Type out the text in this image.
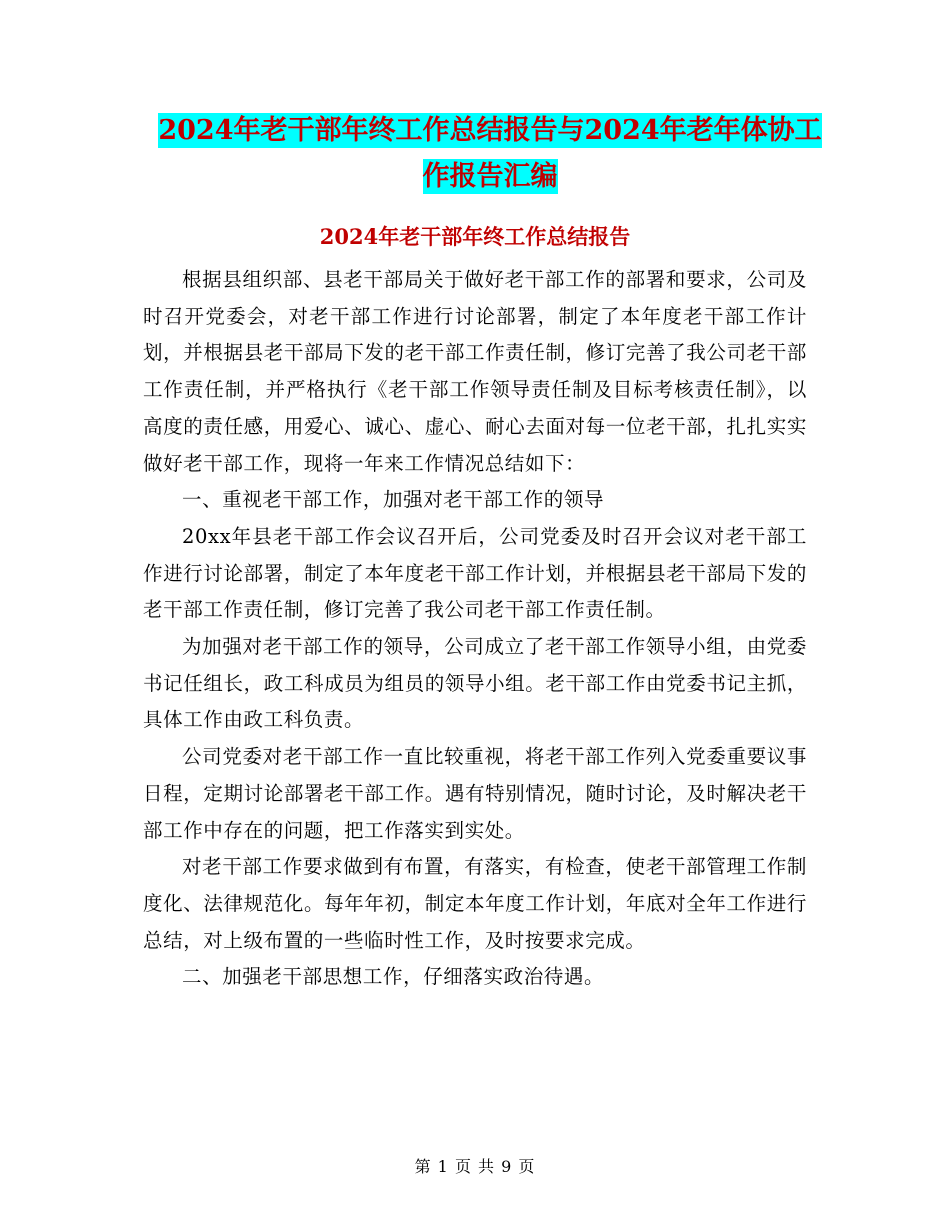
2024年老干部年终工作总结报告与2024年老年体协工
作报告汇编
2024年老干部年终工作总结报告

根据县组织部、县老干部局关于做好老干部工作的部署和要求，公司及时召开党委会，对老干部工作进行讨论部署，制定了本年度老干部工作计划，并根据县老干部局下发的老干部工作责任制，修订完善了我公司老干部工作责任制，并严格执行《老干部工作领导责任制及目标考核责任制》，以高度的责任感，用爱心、诚心、虚心、耐心去面对每一位老干部，扎扎实实做好老干部工作，现将一年来工作情况总结如下：

一、重视老干部工作，加强对老干部工作的领导

20xx年县老干部工作会议召开后，公司党委及时召开会议对老干部工作进行讨论部署，制定了本年度老干部工作计划，并根据县老干部局下发的老干部工作责任制，修订完善了我公司老干部工作责任制。

为加强对老干部工作的领导，公司成立了老干部工作领导小组，由党委书记任组长，政工科成员为组员的领导小组。老干部工作由党委书记主抓，具体工作由政工科负责。

公司党委对老干部工作一直比较重视，将老干部工作列入党委重要议事日程，定期讨论部署老干部工作。遇有特别情况，随时讨论，及时解决老干部工作中存在的问题，把工作落实到实处。

对老干部工作要求做到有布置，有落实，有检查，使老干部管理工作制度化、法律规范化。每年年初，制定本年度工作计划，年底对全年工作进行总结，对上级布置的一些临时性工作，及时按要求完成。

二、加强老干部思想工作，仔细落实政治待遇。

第 1 页 共 9 页
